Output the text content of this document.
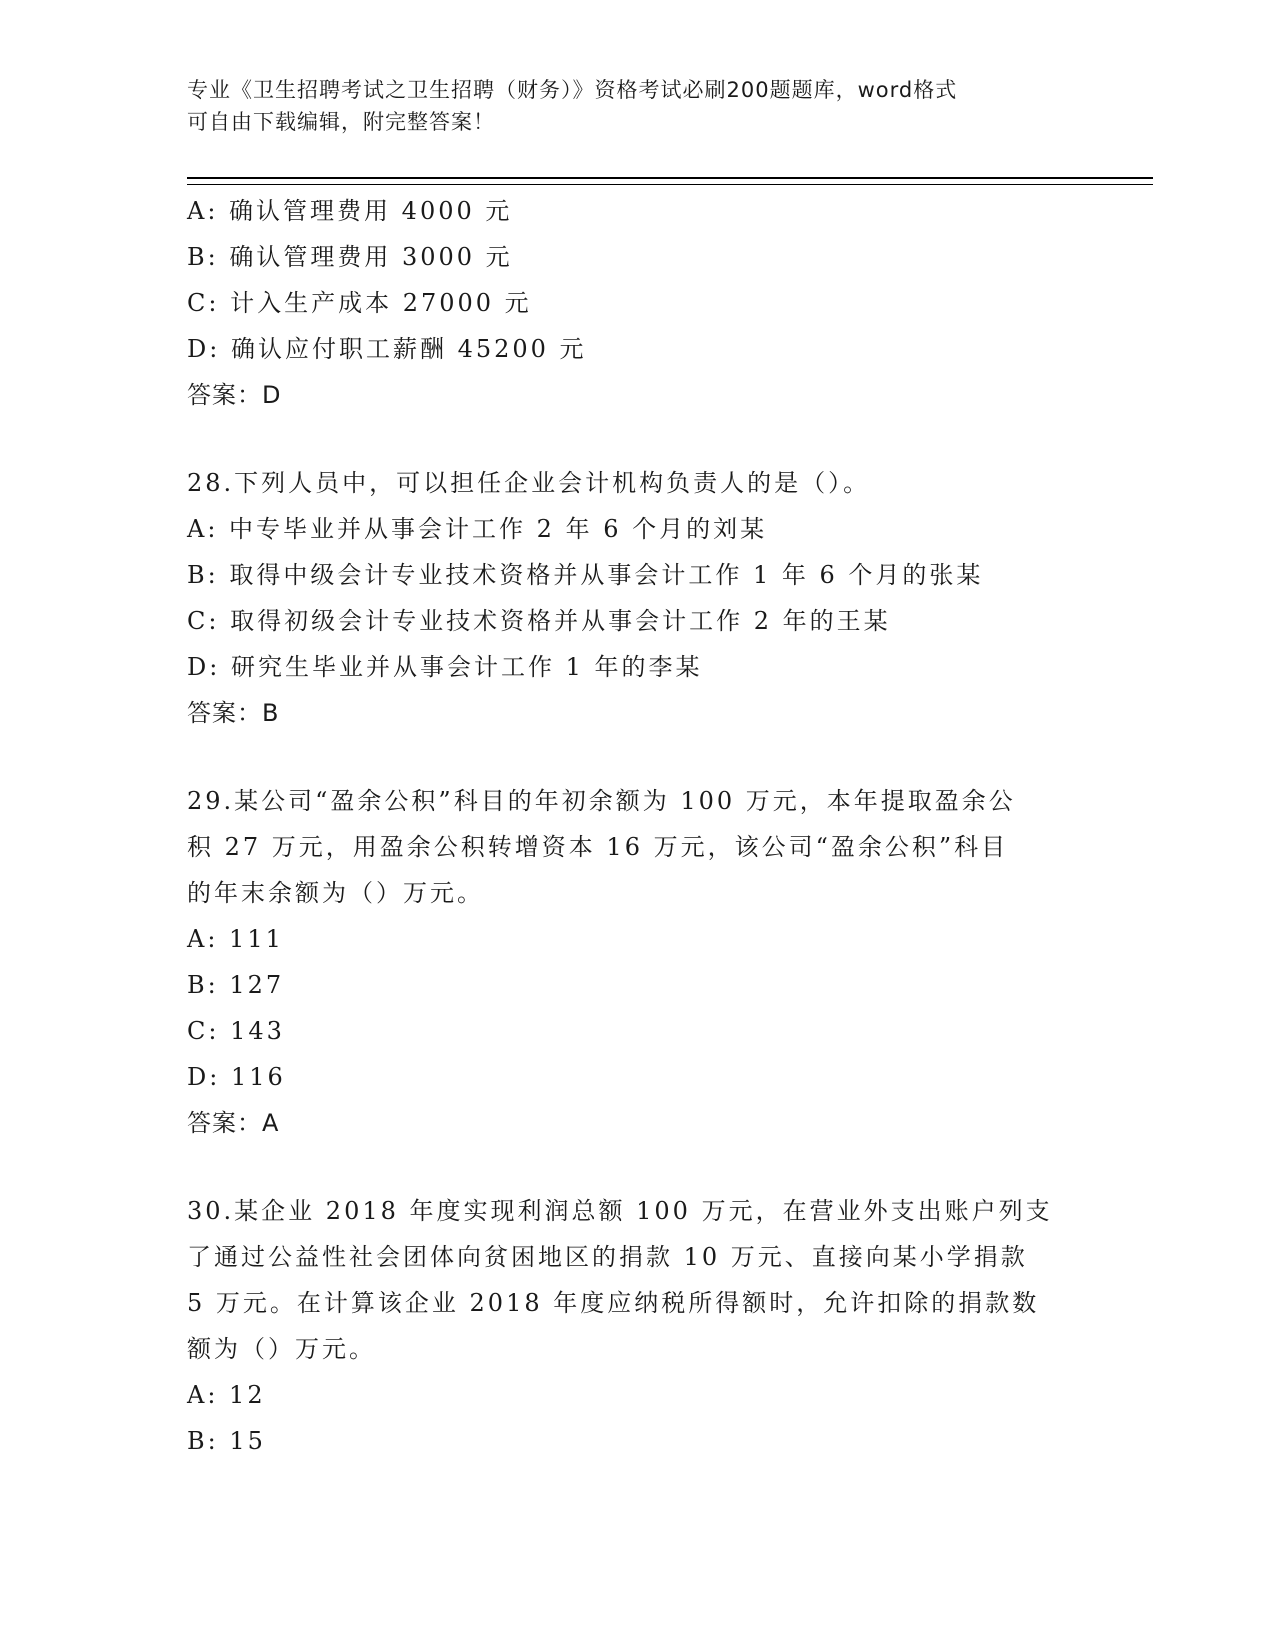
专业《卫生招聘考试之卫生招聘（财务）》资格考试必刷200题题库，word格式
可自由下载编辑，附完整答案！
A: 确认管理费用 4000 元
B: 确认管理费用 3000 元
C: 计入生产成本 27000 元
D: 确认应付职工薪酬 45200 元
答案：D
28.下列人员中，可以担任企业会计机构负责人的是（）。
A: 中专毕业并从事会计工作 2 年 6 个月的刘某
B: 取得中级会计专业技术资格并从事会计工作 1 年 6 个月的张某
C: 取得初级会计专业技术资格并从事会计工作 2 年的王某
D: 研究生毕业并从事会计工作 1 年的李某
答案：B
29.某公司“盈余公积”科目的年初余额为 100 万元，本年提取盈余公
积 27 万元，用盈余公积转增资本 16 万元，该公司“盈余公积”科目
的年末余额为（）万元。
A: 111
B: 127
C: 143
D: 116
答案：A
30.某企业 2018 年度实现利润总额 100 万元，在营业外支出账户列支
了通过公益性社会团体向贫困地区的捐款 10 万元、直接向某小学捐款
5 万元。在计算该企业 2018 年度应纳税所得额时，允许扣除的捐款数
额为（）万元。
A: 12
B: 15
